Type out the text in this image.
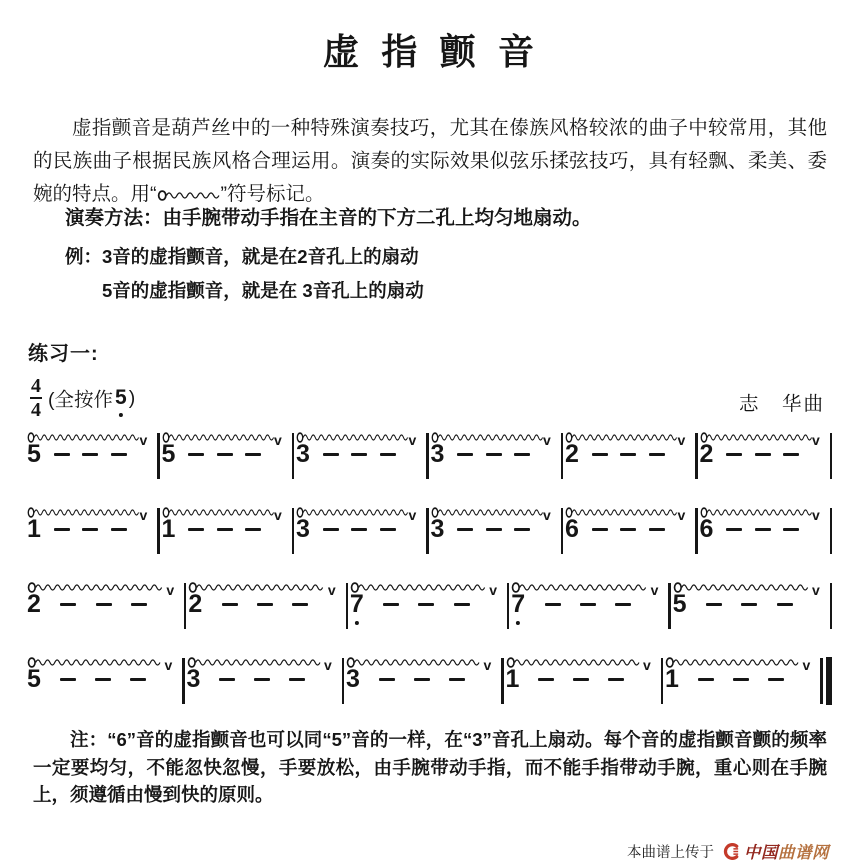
虚指颤音
虚指颤音是葫芦丝中的一种特殊演奏技巧，尤其在傣族风格较浓的曲子中较常用，其他的民族曲子根据民族风格合理运用。演奏的实际效果似弦乐揉弦技巧，具有轻飘、柔美、委婉的特点。用“	”符号标记。
演奏方法：由手腕带动手指在主音的下方二孔上均匀地扇动。
例： 3音的虚指颤音，就是在2音孔上的扇动
5音的虚指颤音，就是在 3音孔上的扇动
练习一:
$\frac{4}{4}$ (全按作 5 )	志　华曲
5
v
5
v
3
v
3
v
2
v
2
v
1
v
1
v
3
v
3
v
6
v
6
v
2
v
2
v
7
v
7
v
5
v
5
v
3
v
3
v
1
v
1
v
注：“6”音的虚指颤音也可以同“5”音的一样，在“3”音孔上扇动。每个音的虚指颤音颤的频率一定要均匀，不能忽快忽慢，手要放松，由手腕带动手指，而不能手指带动手腕，重心则在手腕上，须遵循由慢到快的原则。
本曲谱上传于 中国曲谱网
